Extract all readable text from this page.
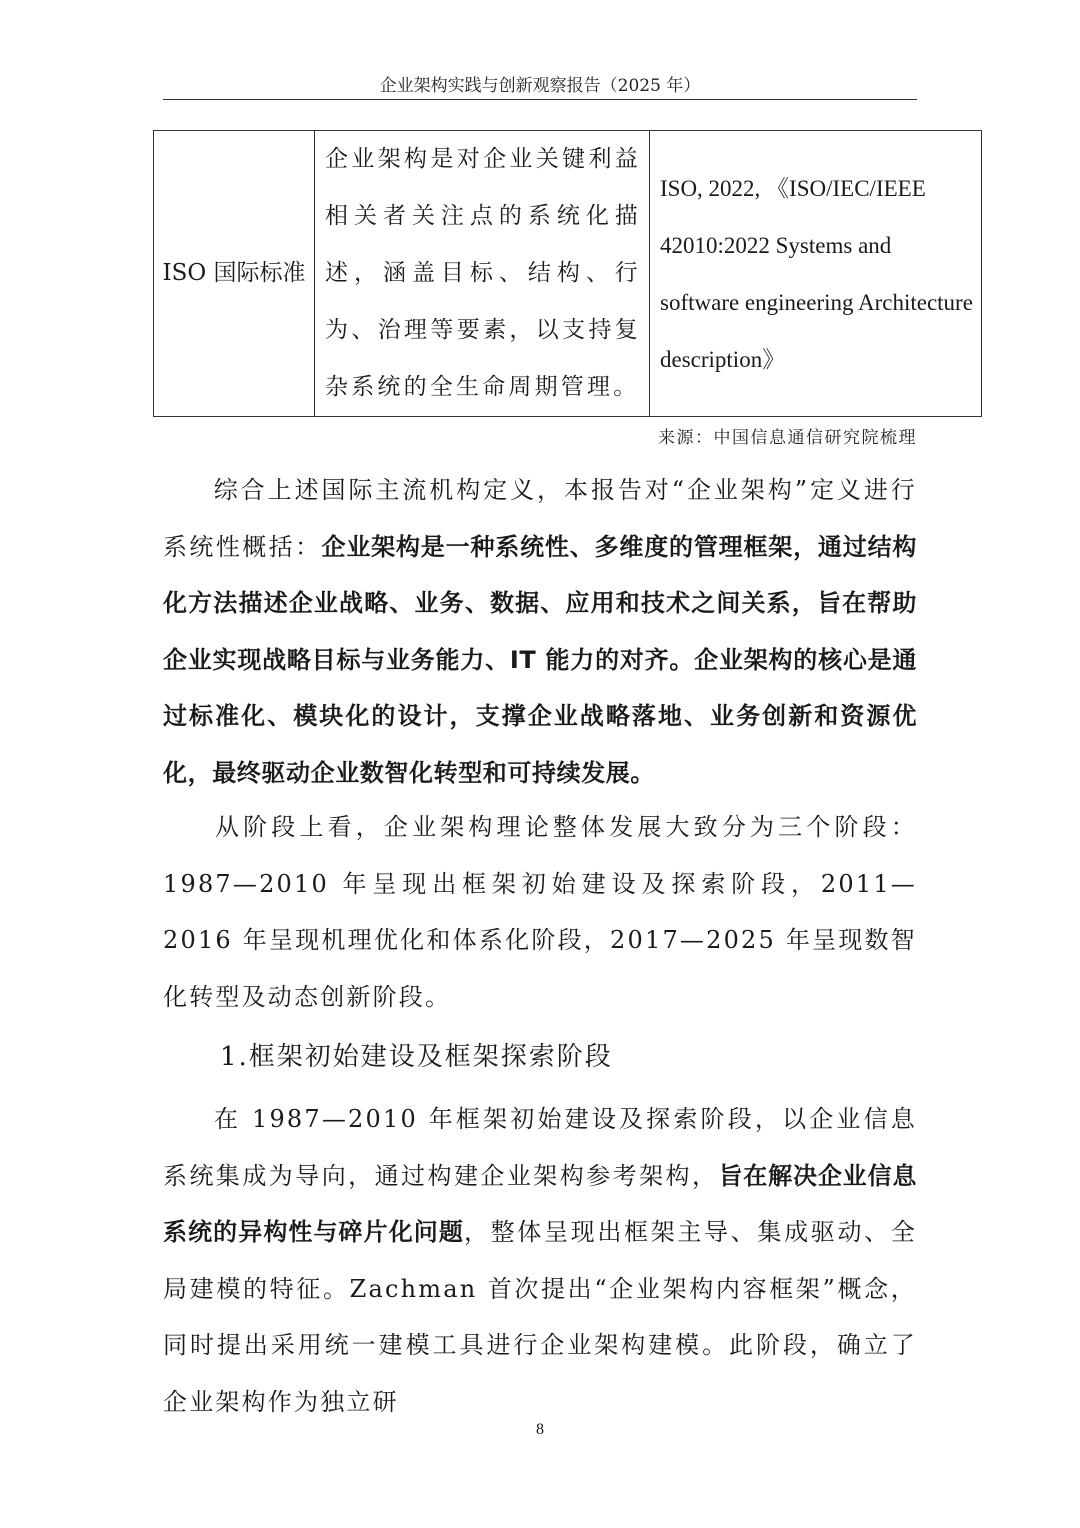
企业架构实践与创新观察报告（2025 年）
ISO 国际标准	企业架构是对企业关键利益相关者关注点的系统化描述，涵盖目标、结构、行为、治理等要素，以支持复杂系统的全生命周期管理。	ISO, 2022, 《ISO/IEC/IEEE 42010:2022 Systems and software engineering Architecture description》
来源：中国信息通信研究院梳理

综合上述国际主流机构定义，本报告对“企业架构”定义进行系统性概括：企业架构是一种系统性、多维度的管理框架，通过结构化方法描述企业战略、业务、数据、应用和技术之间关系，旨在帮助企业实现战略目标与业务能力、IT 能力的对齐。企业架构的核心是通过标准化、模块化的设计，支撑企业战略落地、业务创新和资源优化，最终驱动企业数智化转型和可持续发展。

从阶段上看，企业架构理论整体发展大致分为三个阶段：1987—2010 年呈现出框架初始建设及探索阶段，2011—2016 年呈现机理优化和体系化阶段，2017—2025 年呈现数智化转型及动态创新阶段。

1.框架初始建设及框架探索阶段

在 1987—2010 年框架初始建设及探索阶段，以企业信息系统集成为导向，通过构建企业架构参考架构，旨在解决企业信息系统的异构性与碎片化问题，整体呈现出框架主导、集成驱动、全局建模的特征。Zachman 首次提出“企业架构内容框架”概念，同时提出采用统一建模工具进行企业架构建模。此阶段，确立了企业架构作为独立研

8
